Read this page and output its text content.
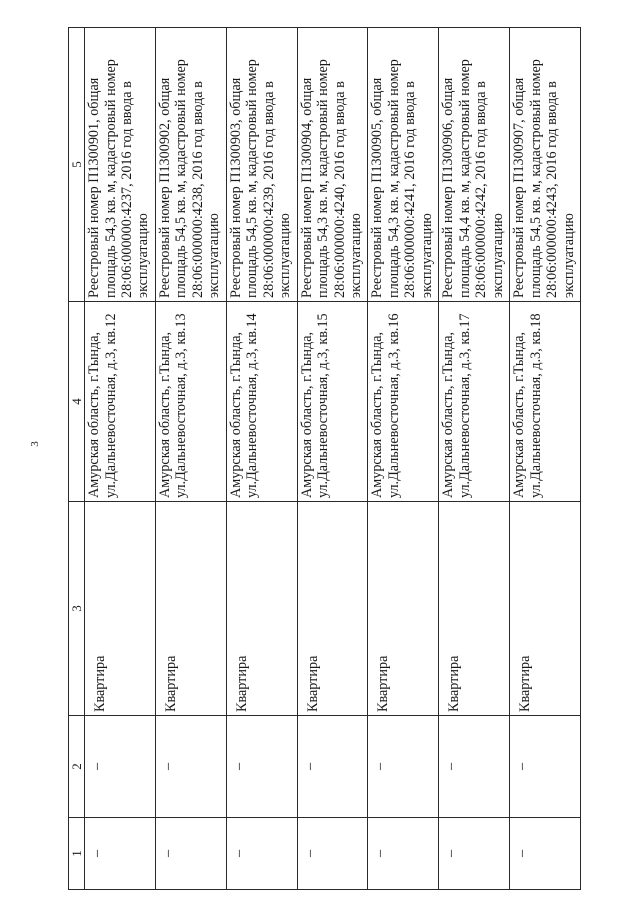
3
1	2	3	4	5
–	–	Квартира	Амурская область, г.Тында, ул.Дальневосточная, д.3, кв.12	Реестровый номер П1300901, общая площадь 54,3 кв. м, кадастровый номер 28:06:000000:4237, 2016 год ввода в эксплуатацию
–	–	Квартира	Амурская область, г.Тында, ул.Дальневосточная, д.3, кв.13	Реестровый номер П1300902, общая площадь 54,5 кв. м, кадастровый номер 28:06:000000:4238, 2016 год ввода в эксплуатацию
–	–	Квартира	Амурская область, г.Тында, ул.Дальневосточная, д.3, кв.14	Реестровый номер П1300903, общая площадь 54,5 кв. м, кадастровый номер 28:06:000000:4239, 2016 год ввода в эксплуатацию
–	–	Квартира	Амурская область, г.Тында, ул.Дальневосточная, д.3, кв.15	Реестровый номер П1300904, общая площадь 54,3 кв. м, кадастровый номер 28:06:000000:4240, 2016 год ввода в эксплуатацию
–	–	Квартира	Амурская область, г.Тында, ул.Дальневосточная, д.3, кв.16	Реестровый номер П1300905, общая площадь 54,3 кв. м, кадастровый номер 28:06:000000:4241, 2016 год ввода в эксплуатацию
–	–	Квартира	Амурская область, г.Тында, ул.Дальневосточная, д.3, кв.17	Реестровый номер П1300906, общая площадь 54,4 кв. м, кадастровый номер 28:06:000000:4242, 2016 год ввода в эксплуатацию
–	–	Квартира	Амурская область, г.Тында, ул.Дальневосточная, д.3, кв.18	Реестровый номер П1300907, общая площадь 54,5 кв. м, кадастровый номер 28:06:000000:4243, 2016 год ввода в эксплуатацию
